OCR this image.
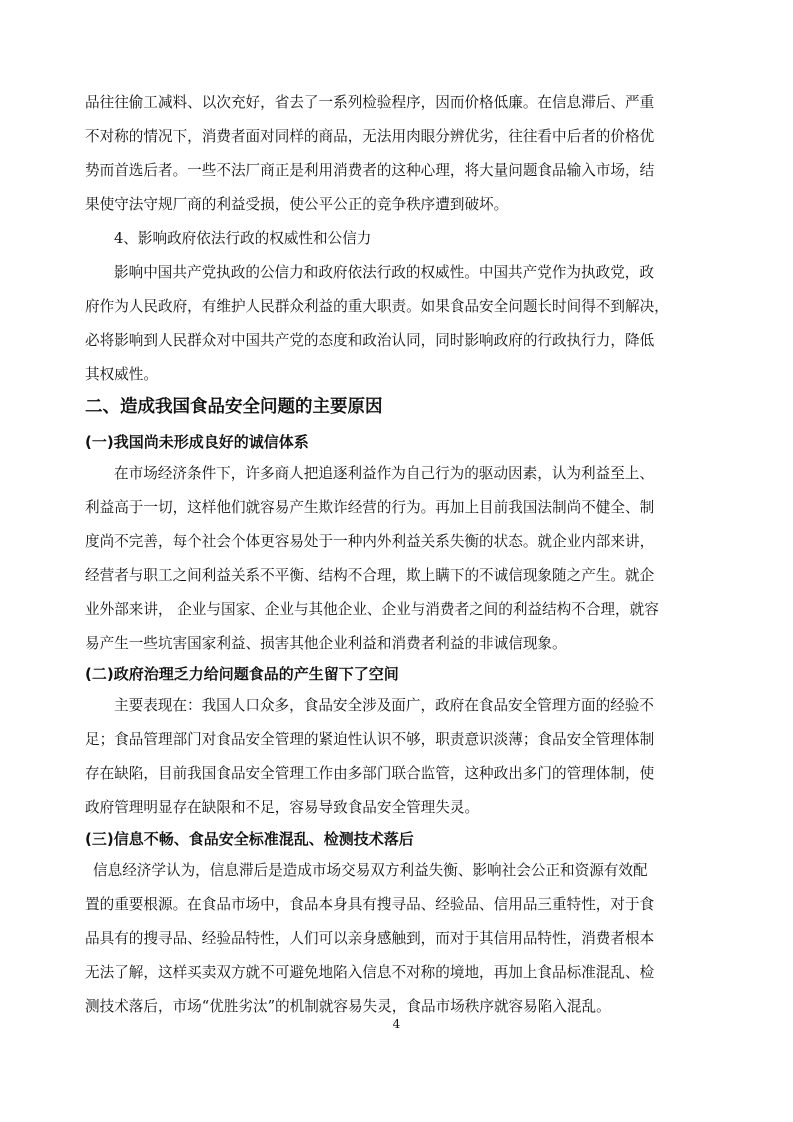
品往往偷工减料、以次充好，省去了一系列检验程序，因而价格低廉。在信息滞后、严重
不对称的情况下，消费者面对同样的商品，无法用肉眼分辨优劣，往往看中后者的价格优
势而首选后者。一些不法厂商正是利用消费者的这种心理，将大量问题食品输入市场，结
果使守法守规厂商的利益受损，使公平公正的竞争秩序遭到破坏。
4、影响政府依法行政的权威性和公信力
影响中国共产党执政的公信力和政府依法行政的权威性。中国共产党作为执政党，政
府作为人民政府，有维护人民群众利益的重大职责。如果食品安全问题长时间得不到解决，
必将影响到人民群众对中国共产党的态度和政治认同，同时影响政府的行政执行力，降低
其权威性。
二、造成我国食品安全问题的主要原因
(一)我国尚未形成良好的诚信体系
在市场经济条件下，许多商人把追逐利益作为自己行为的驱动因素，认为利益至上、
利益高于一切，这样他们就容易产生欺诈经营的行为。再加上目前我国法制尚不健全、制
度尚不完善，每个社会个体更容易处于一种内外利益关系失衡的状态。就企业内部来讲，
经营者与职工之间利益关系不平衡、结构不合理，欺上瞒下的不诚信现象随之产生。就企
业外部来讲， 企业与国家、企业与其他企业、企业与消费者之间的利益结构不合理，就容
易产生一些坑害国家利益、损害其他企业利益和消费者利益的非诚信现象。
(二)政府治理乏力给问题食品的产生留下了空间
主要表现在：我国人口众多，食品安全涉及面广，政府在食品安全管理方面的经验不
足；食品管理部门对食品安全管理的紧迫性认识不够，职责意识淡薄；食品安全管理体制
存在缺陷，目前我国食品安全管理工作由多部门联合监管，这种政出多门的管理体制，使
政府管理明显存在缺限和不足，容易导致食品安全管理失灵。
(三)信息不畅、食品安全标准混乱、检测技术落后
信息经济学认为，信息滞后是造成市场交易双方利益失衡、影响社会公正和资源有效配
置的重要根源。在食品市场中，食品本身具有搜寻品、经验品、信用品三重特性，对于食
品具有的搜寻品、经验品特性，人们可以亲身感触到，而对于其信用品特性，消费者根本
无法了解，这样买卖双方就不可避免地陷入信息不对称的境地，再加上食品标准混乱、检
测技术落后，市场“优胜劣汰”的机制就容易失灵，食品市场秩序就容易陷入混乱。
4
